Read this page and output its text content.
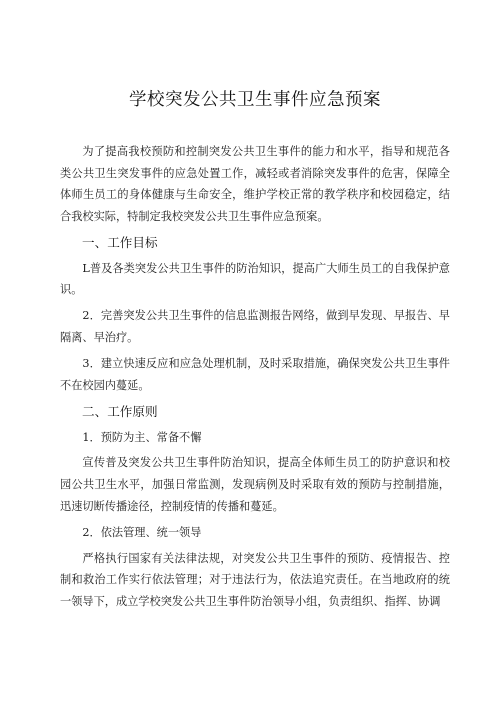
学校突发公共卫生事件应急预案

为了提高我校预防和控制突发公共卫生事件的能力和水平，指导和规范各类公共卫生突发事件的应急处置工作，减轻或者消除突发事件的危害，保障全体师生员工的身体健康与生命安全，维护学校正常的教学秩序和校园稳定，结合我校实际，特制定我校突发公共卫生事件应急预案。

一、工作目标

L普及各类突发公共卫生事件的防治知识，提高广大师生员工的自我保护意识。

2．完善突发公共卫生事件的信息监测报告网络，做到早发现、早报告、早隔离、早治疗。

3．建立快速反应和应急处理机制，及时采取措施，确保突发公共卫生事件不在校园内蔓延。

二、工作原则

1．预防为主、常备不懈

宣传普及突发公共卫生事件防治知识，提高全体师生员工的防护意识和校园公共卫生水平，加强日常监测，发现病例及时采取有效的预防与控制措施，迅速切断传播途径，控制疫情的传播和蔓延。

2．依法管理、统一领导

严格执行国家有关法律法规，对突发公共卫生事件的预防、疫情报告、控制和救治工作实行依法管理；对于违法行为，依法追究责任。在当地政府的统一领导下，成立学校突发公共卫生事件防治领导小组，负责组织、指挥、协调
